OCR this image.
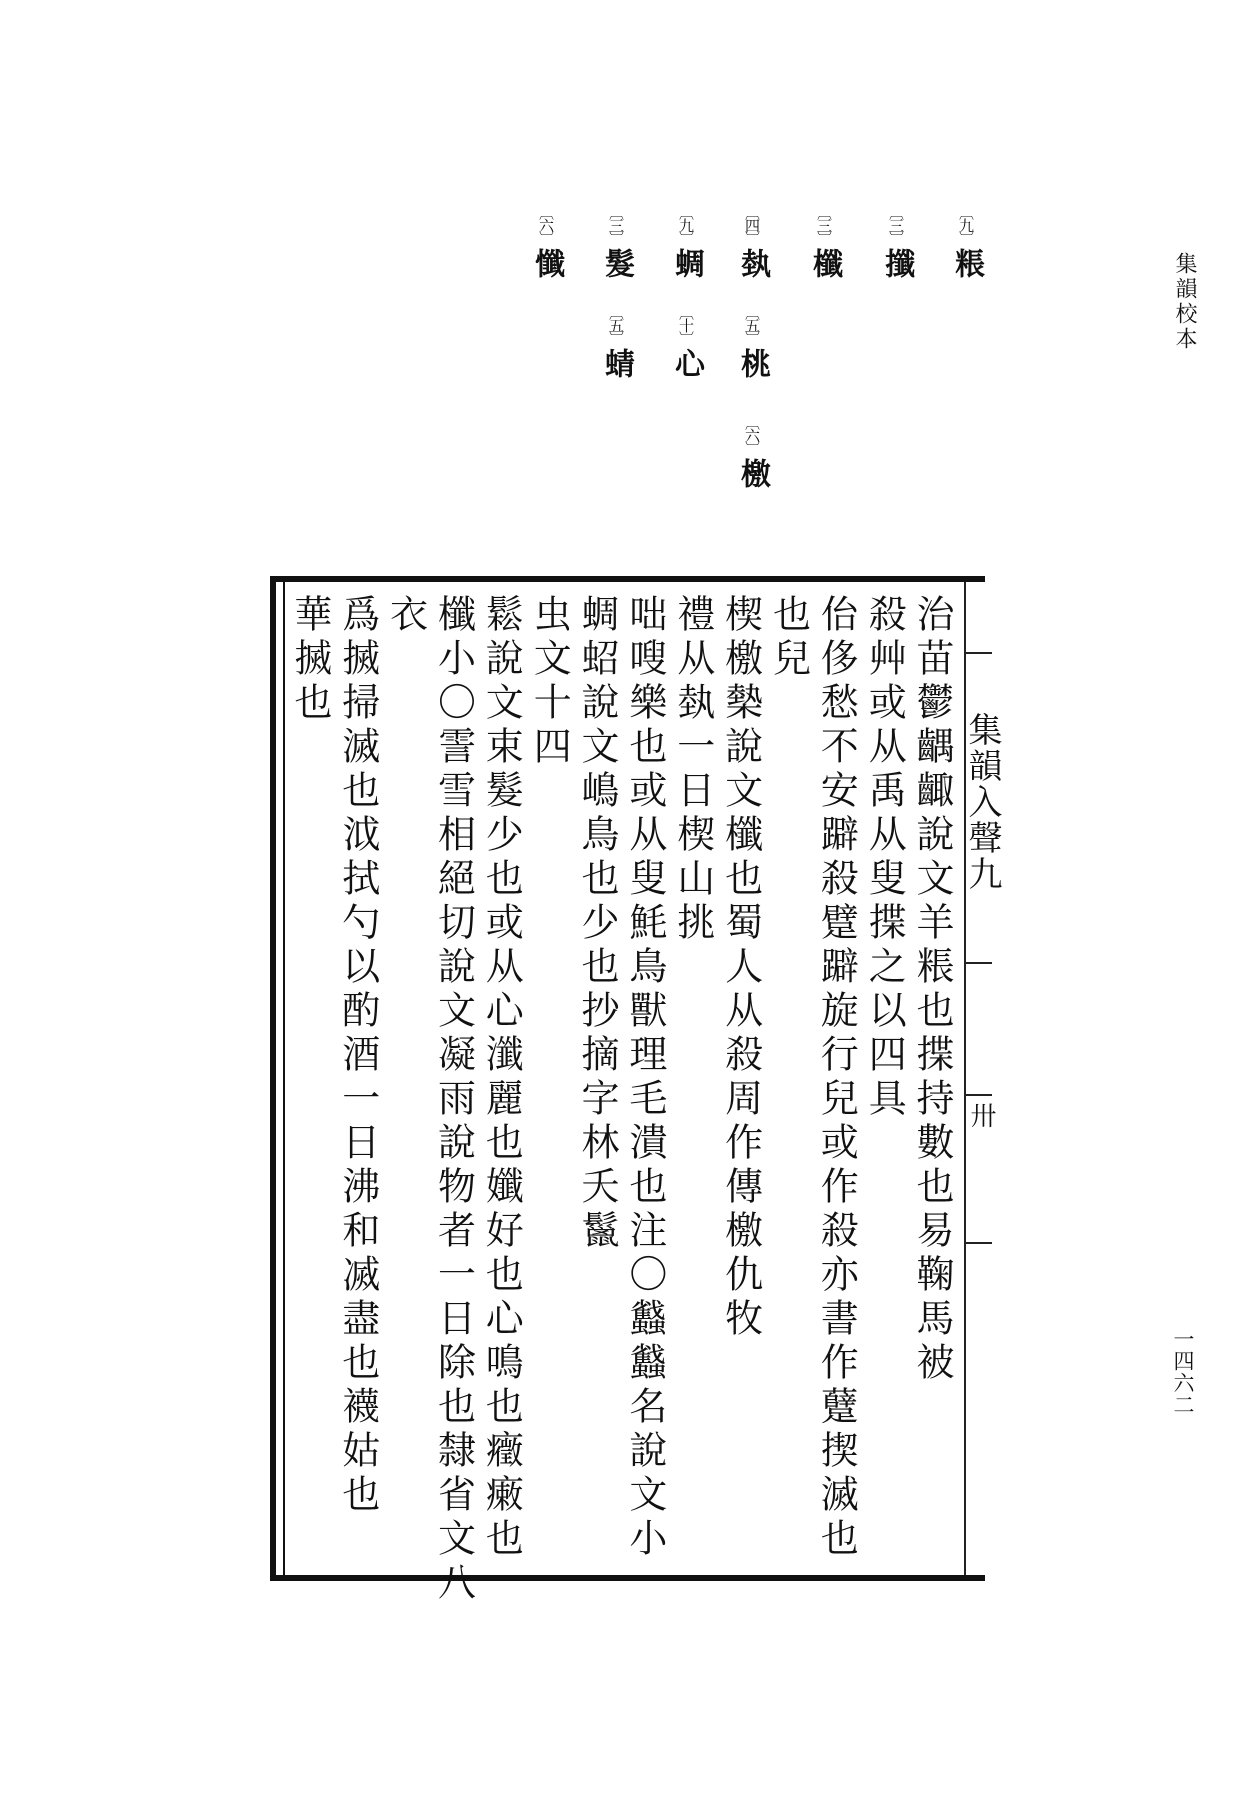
集韻校本
一四六二
〔九〕粻
〔三〕攕
〔三〕櫼
〔四〕埶
〔五〕桃
〔六〕檄
〔九〕蜩
〔十〕心
〔三〕髮
〔五〕蜻
〔六〕懺
集韻入聲九
卅
治苗鬱齵齱說文羊粻也揲持數也易鞠馬被
殺艸或从禹从叟揲之以四具
佁侈愁不安躃殺躄躃旋行兒或作殺亦書作躠揳滅也
也兒
楔檄槷說文櫼也蜀人从殺周作傳檄仇牧
禮从埶一日楔山挑
咄嗖樂也或从叟魹鳥獸理毛潰也注〇蠽蠽名說文小
蜩蛁說文嶋鳥也少也抄摘字林夭鬣
虫文十四
鬆說文束髮少也或从心瀸麗也孅好也心鳴也癥瘷也
櫼小〇霅雪相絕切說文凝雨說物者一日除也隸省文八
衣
爲搣掃滅也泧拭勺以酌酒一日沸和㓕盡也襪姑也
華搣也
